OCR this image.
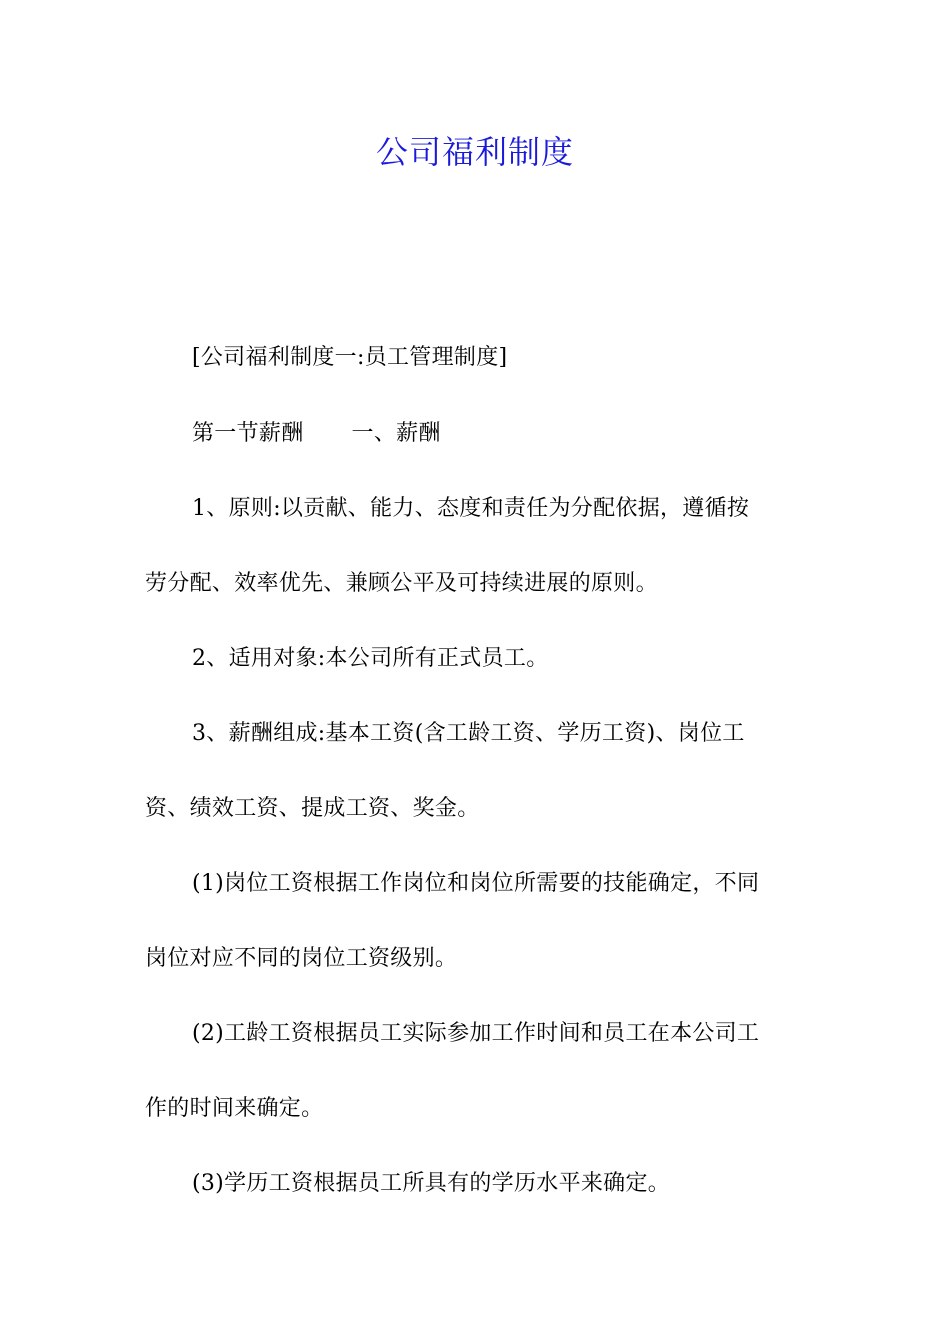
公司福利制度
[公司福利制度一:员工管理制度]
第一节薪酬 一、薪酬
1、原则:以贡献、能力、态度和责任为分配依据，遵循按
劳分配、效率优先、兼顾公平及可持续进展的原则。
2、适用对象:本公司所有正式员工。
3、薪酬组成:基本工资(含工龄工资、学历工资)、岗位工
资、绩效工资、提成工资、奖金。
(1)岗位工资根据工作岗位和岗位所需要的技能确定，不同
岗位对应不同的岗位工资级别。
(2)工龄工资根据员工实际参加工作时间和员工在本公司工
作的时间来确定。
(3)学历工资根据员工所具有的学历水平来确定。
